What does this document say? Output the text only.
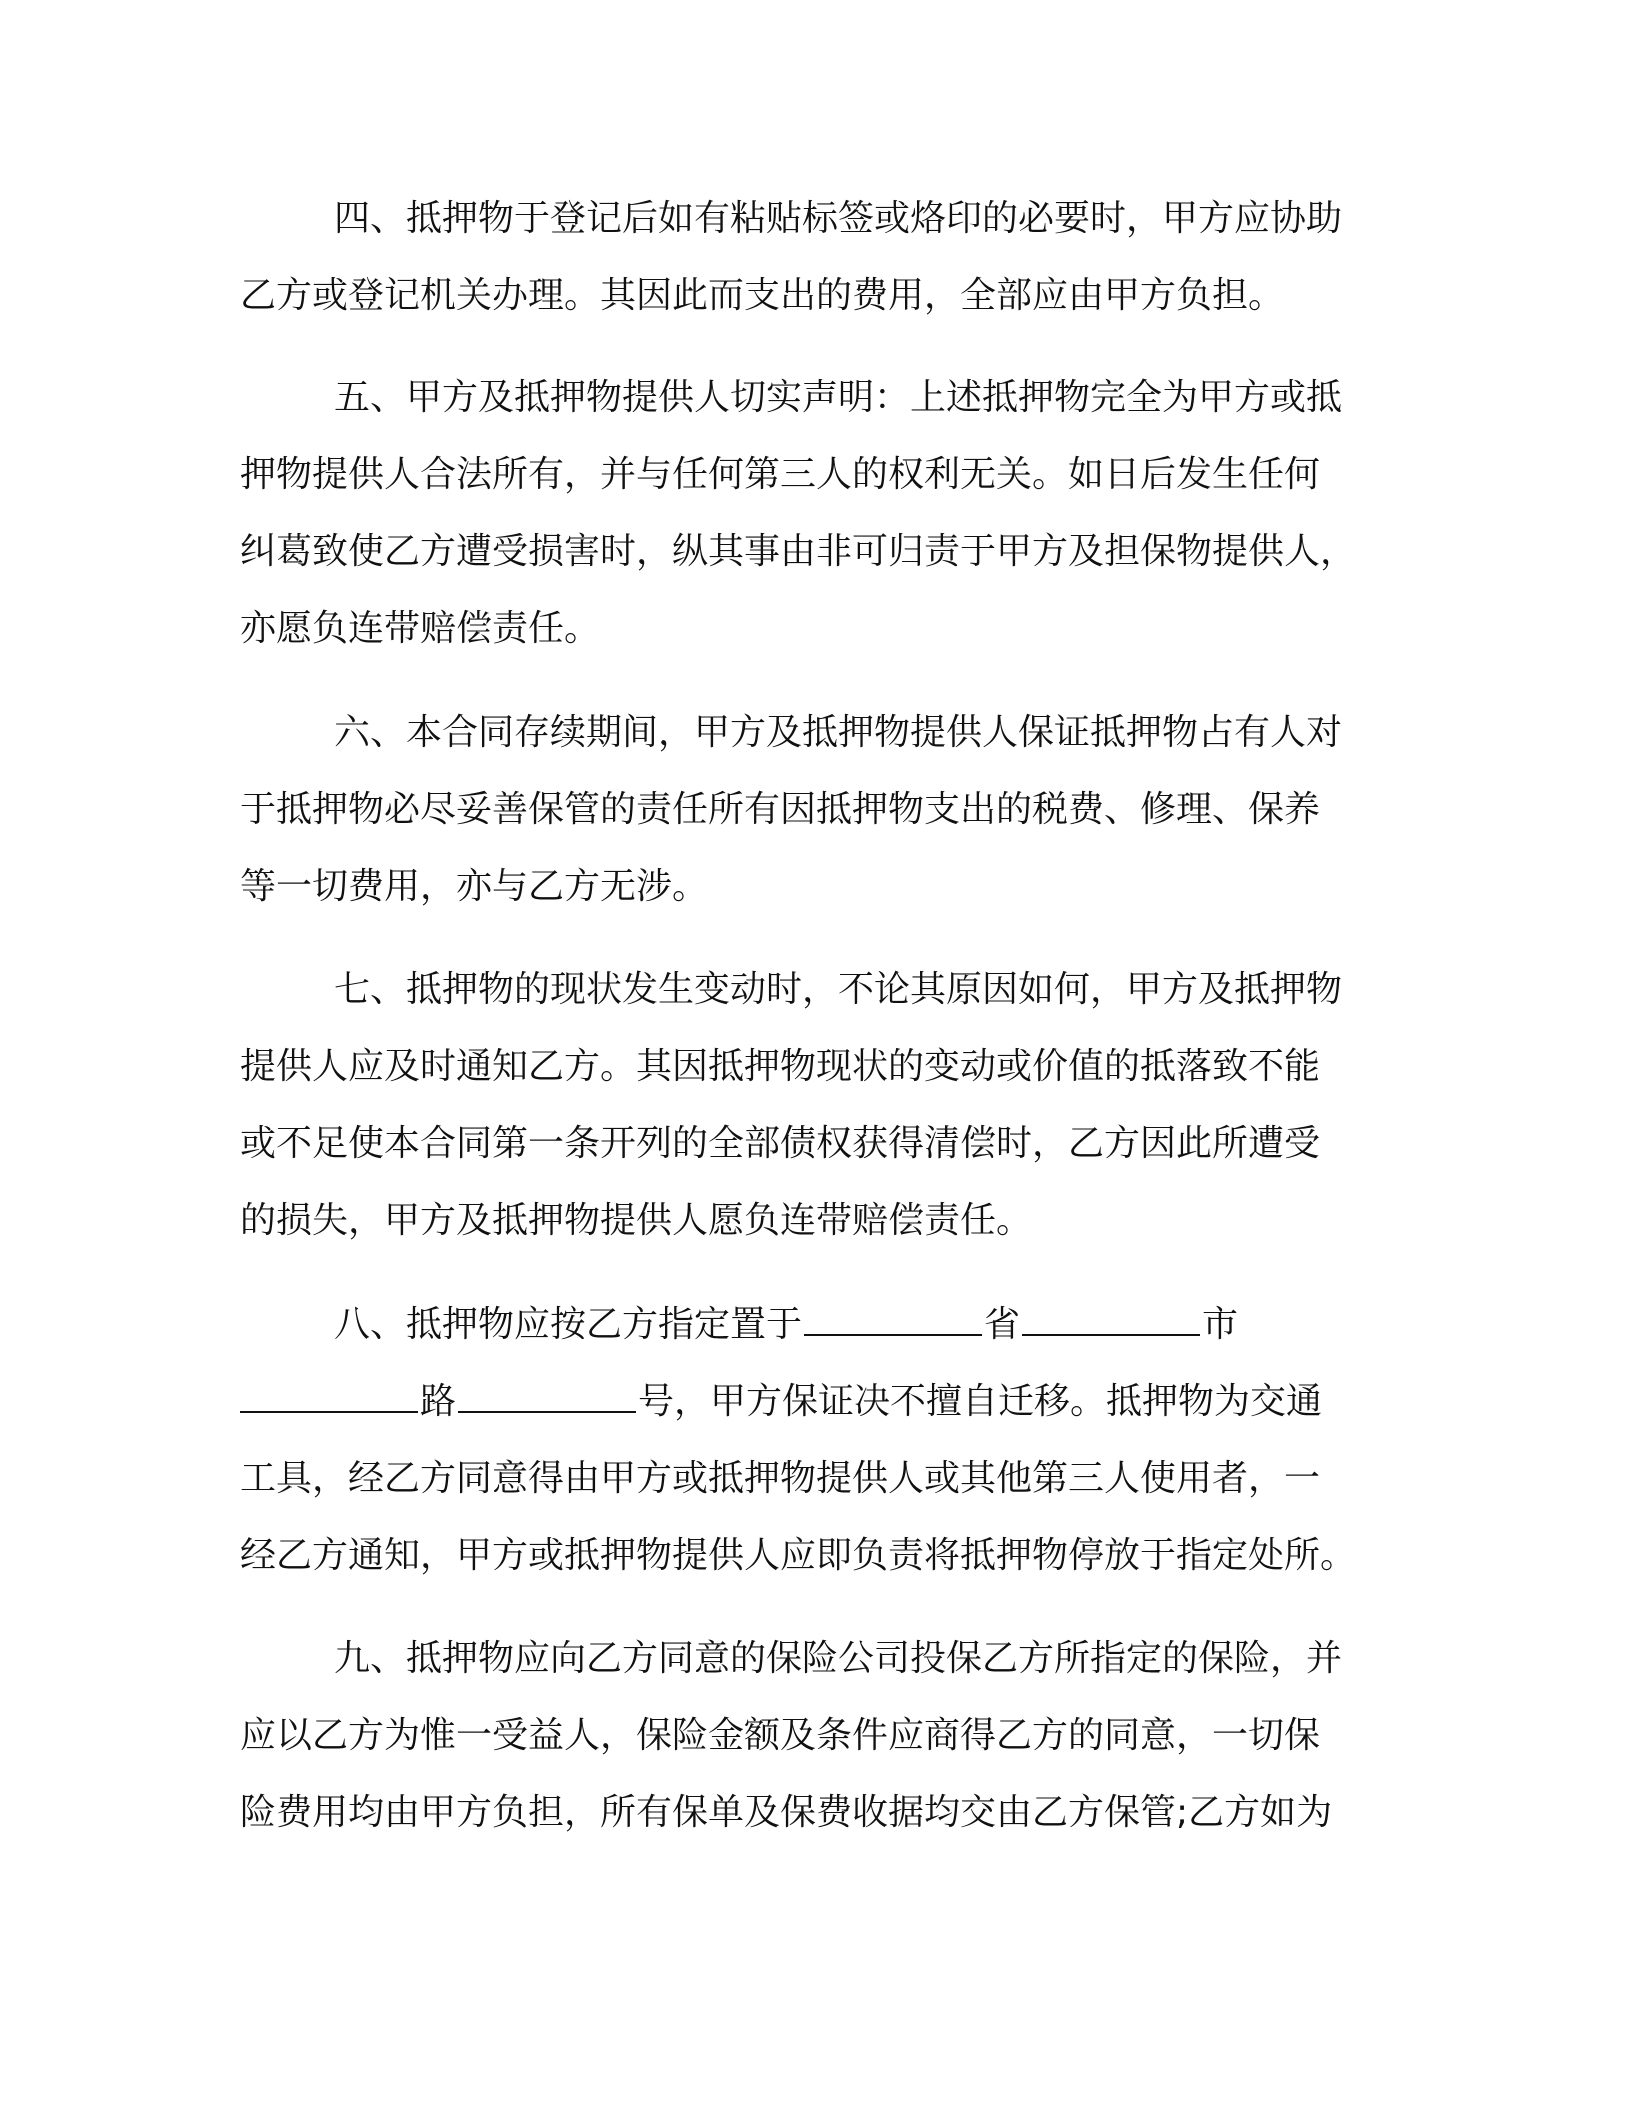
四、抵押物于登记后如有粘贴标签或烙印的必要时，甲方应协助
乙方或登记机关办理。其因此而支出的费用，全部应由甲方负担。
五、甲方及抵押物提供人切实声明：上述抵押物完全为甲方或抵
押物提供人合法所有，并与任何第三人的权利无关。如日后发生任何
纠葛致使乙方遭受损害时，纵其事由非可归责于甲方及担保物提供人，
亦愿负连带赔偿责任。
六、本合同存续期间，甲方及抵押物提供人保证抵押物占有人对
于抵押物必尽妥善保管的责任所有因抵押物支出的税费、修理、保养
等一切费用，亦与乙方无涉。
七、抵押物的现状发生变动时，不论其原因如何，甲方及抵押物
提供人应及时通知乙方。其因抵押物现状的变动或价值的抵落致不能
或不足使本合同第一条开列的全部债权获得清偿时，乙方因此所遭受
的损失，甲方及抵押物提供人愿负连带赔偿责任。
八、抵押物应按乙方指定置于	省	市
路	号，甲方保证决不擅自迁移。抵押物为交通
工具，经乙方同意得由甲方或抵押物提供人或其他第三人使用者，一
经乙方通知，甲方或抵押物提供人应即负责将抵押物停放于指定处所。
九、抵押物应向乙方同意的保险公司投保乙方所指定的保险，并
应以乙方为惟一受益人，保险金额及条件应商得乙方的同意，一切保
险费用均由甲方负担，所有保单及保费收据均交由乙方保管;乙方如为
